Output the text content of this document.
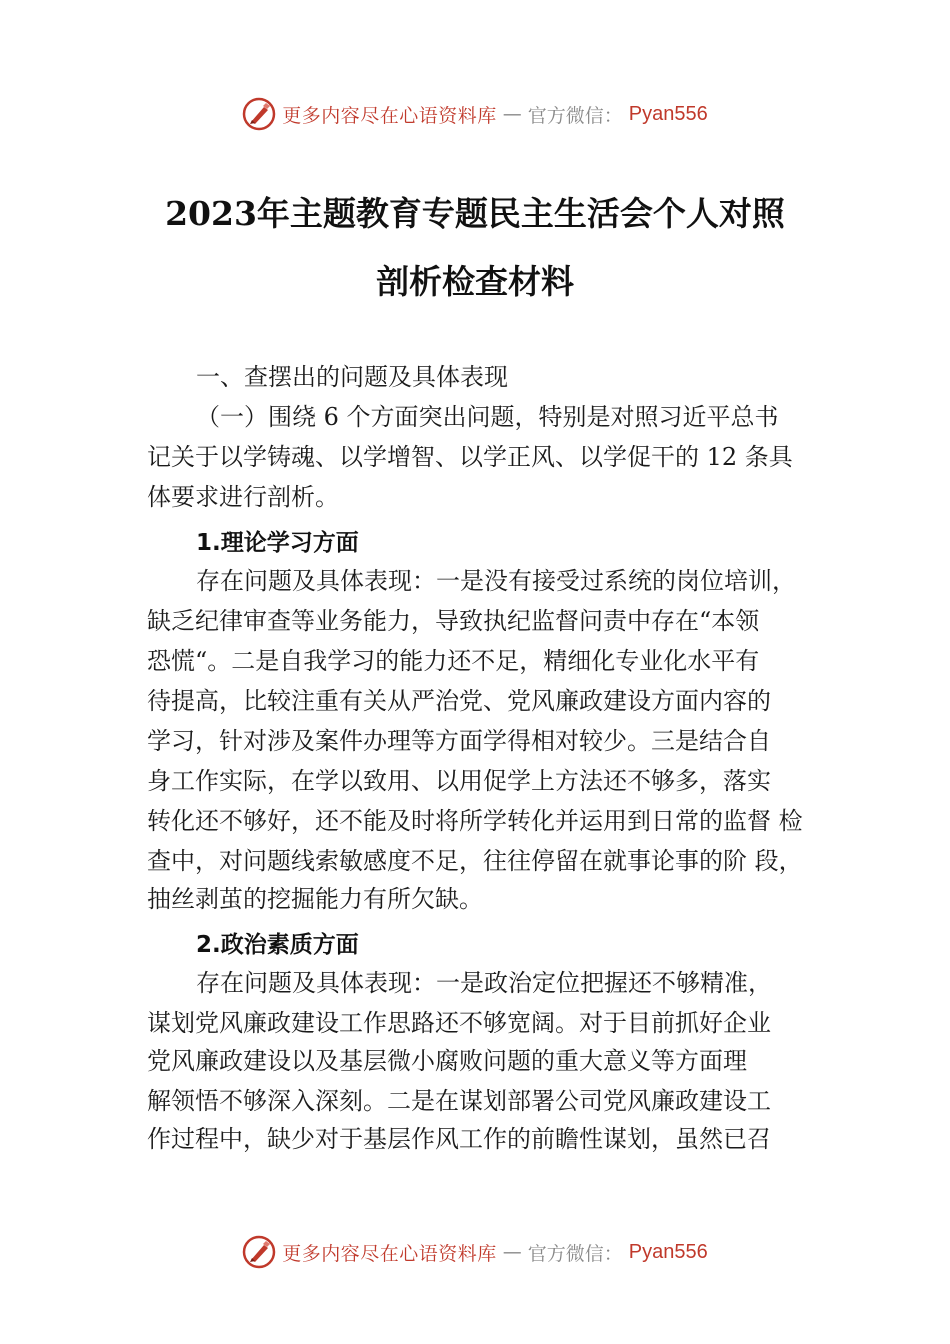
更多内容尽在心语资料库 — 官方微信： Pyan556
2023年主题教育专题民主生活会个人对照
剖析检查材料
一、查摆出的问题及具体表现
（一）围绕 6 个方面突出问题，特别是对照习近平总书
记关于以学铸魂、以学增智、以学正风、以学促干的 12 条具
体要求进行剖析。
1.理论学习方面
存在问题及具体表现：一是没有接受过系统的岗位培训，
缺乏纪律审查等业务能力，导致执纪监督问责中存在“本领
恐慌“。二是自我学习的能力还不足，精细化专业化水平有
待提高，比较注重有关从严治党、党风廉政建设方面内容的
学习，针对涉及案件办理等方面学得相对较少。三是结合自
身工作实际，在学以致用、以用促学上方法还不够多，落实
转化还不够好，还不能及时将所学转化并运用到日常的监督 检
查中，对问题线索敏感度不足，往往停留在就事论事的阶 段，
抽丝剥茧的挖掘能力有所欠缺。
2.政治素质方面
存在问题及具体表现：一是政治定位把握还不够精准，
谋划党风廉政建设工作思路还不够宽阔。对于目前抓好企业
党风廉政建设以及基层微小腐败问题的重大意义等方面理
解领悟不够深入深刻。二是在谋划部署公司党风廉政建设工
作过程中，缺少对于基层作风工作的前瞻性谋划，虽然已召
更多内容尽在心语资料库 — 官方微信： Pyan556
